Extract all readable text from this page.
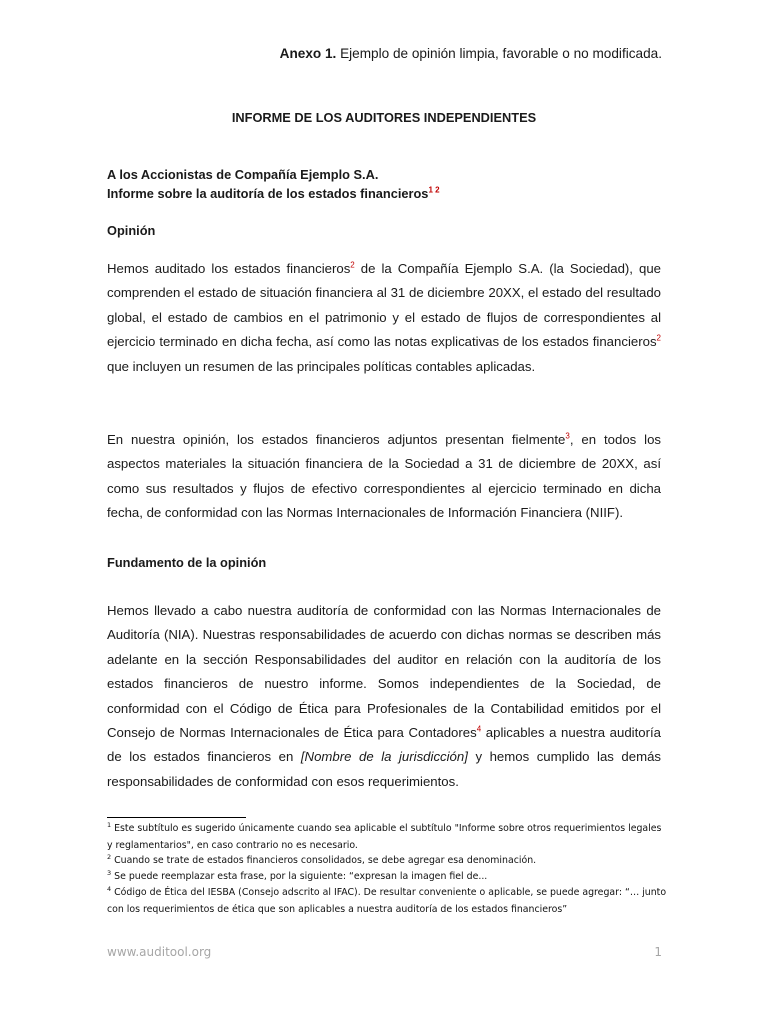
Anexo 1. Ejemplo de opinión limpia, favorable o no modificada.
INFORME DE LOS AUDITORES INDEPENDIENTES
A los Accionistas de Compañía Ejemplo S.A.
Informe sobre la auditoría de los estados financieros$^{1 2}$
Opinión

Hemos auditado los estados financieros$^2$ de la Compañía Ejemplo S.A. (la Sociedad), que comprenden el estado de situación financiera al 31 de diciembre 20XX, el estado del resultado global, el estado de cambios en el patrimonio y el estado de flujos de correspondientes al ejercicio terminado en dicha fecha, así como las notas explicativas de los estados financieros$^2$ que incluyen un resumen de las principales políticas contables aplicadas.

En nuestra opinión, los estados financieros adjuntos presentan fielmente$^3$, en todos los aspectos materiales la situación financiera de la Sociedad a 31 de diciembre de 20XX, así como sus resultados y flujos de efectivo correspondientes al ejercicio terminado en dicha fecha, de conformidad con las Normas Internacionales de Información Financiera (NIIF).

Fundamento de la opinión

Hemos llevado a cabo nuestra auditoría de conformidad con las Normas Internacionales de Auditoría (NIA). Nuestras responsabilidades de acuerdo con dichas normas se describen más adelante en la sección Responsabilidades del auditor en relación con la auditoría de los estados financieros de nuestro informe. Somos independientes de la Sociedad, de conformidad con el Código de Ética para Profesionales de la Contabilidad emitidos por el Consejo de Normas Internacionales de Ética para Contadores$^4$ aplicables a nuestra auditoría de los estados financieros en [Nombre de la jurisdicción] y hemos cumplido las demás responsabilidades de conformidad con esos requerimientos.

$^1$ Este subtítulo es sugerido únicamente cuando sea aplicable el subtítulo "Informe sobre otros requerimientos legales y reglamentarios", en caso contrario no es necesario.

$^2$ Cuando se trate de estados financieros consolidados, se debe agregar esa denominación.

$^3$ Se puede reemplazar esta frase, por la siguiente: “expresan la imagen fiel de...

$^4$ Código de Ética del IESBA (Consejo adscrito al IFAC). De resultar conveniente o aplicable, se puede agregar: “… junto con los requerimientos de ética que son aplicables a nuestra auditoría de los estados financieros”

www.auditool.org	1
